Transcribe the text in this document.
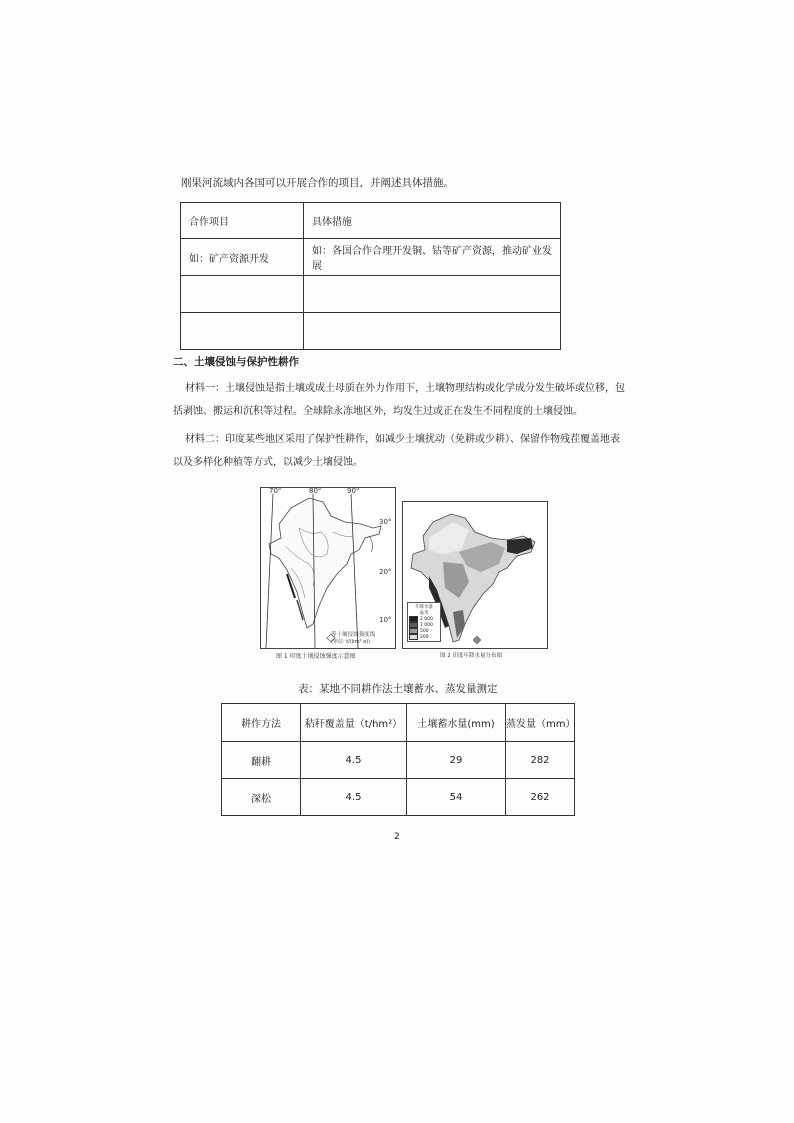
刚果河流域内各国可以开展合作的项目，并阐述具体措施。
合作项目	具体措施
如：矿产资源开发	如：各国合作合理开发铜、钴等矿产资源，推动矿业发展

二、土壤侵蚀与保护性耕作
材料一：土壤侵蚀是指土壤或成土母质在外力作用下，土壤物理结构或化学成分发生破坏或位移，包
括剥蚀、搬运和沉积等过程。全球除永冻地区外，均发生过或正在发生不同程度的土壤侵蚀。
材料二：印度某些地区采用了保护性耕作，如减少土壤扰动（免耕或少耕）、保留作物残茬覆盖地表
以及多样化种植等方式，以减少土壤侵蚀。
70°	80°	90°
30°
20°
10°
等土壤侵蚀强度线
(单位: t/(km²·a))
图 1 印度土壤侵蚀强度示意图
年降水量
毫米
2 000
1 000
500
200
图 2 印度年降水量分布图
表：某地不同耕作法土壤蓄水、蒸发量测定
耕作方法	秸秆覆盖量（t/hm²）	土壤蓄水量(mm)	蒸发量（mm）
翻耕	4.5	29	282
深松	4.5	54	262
2
